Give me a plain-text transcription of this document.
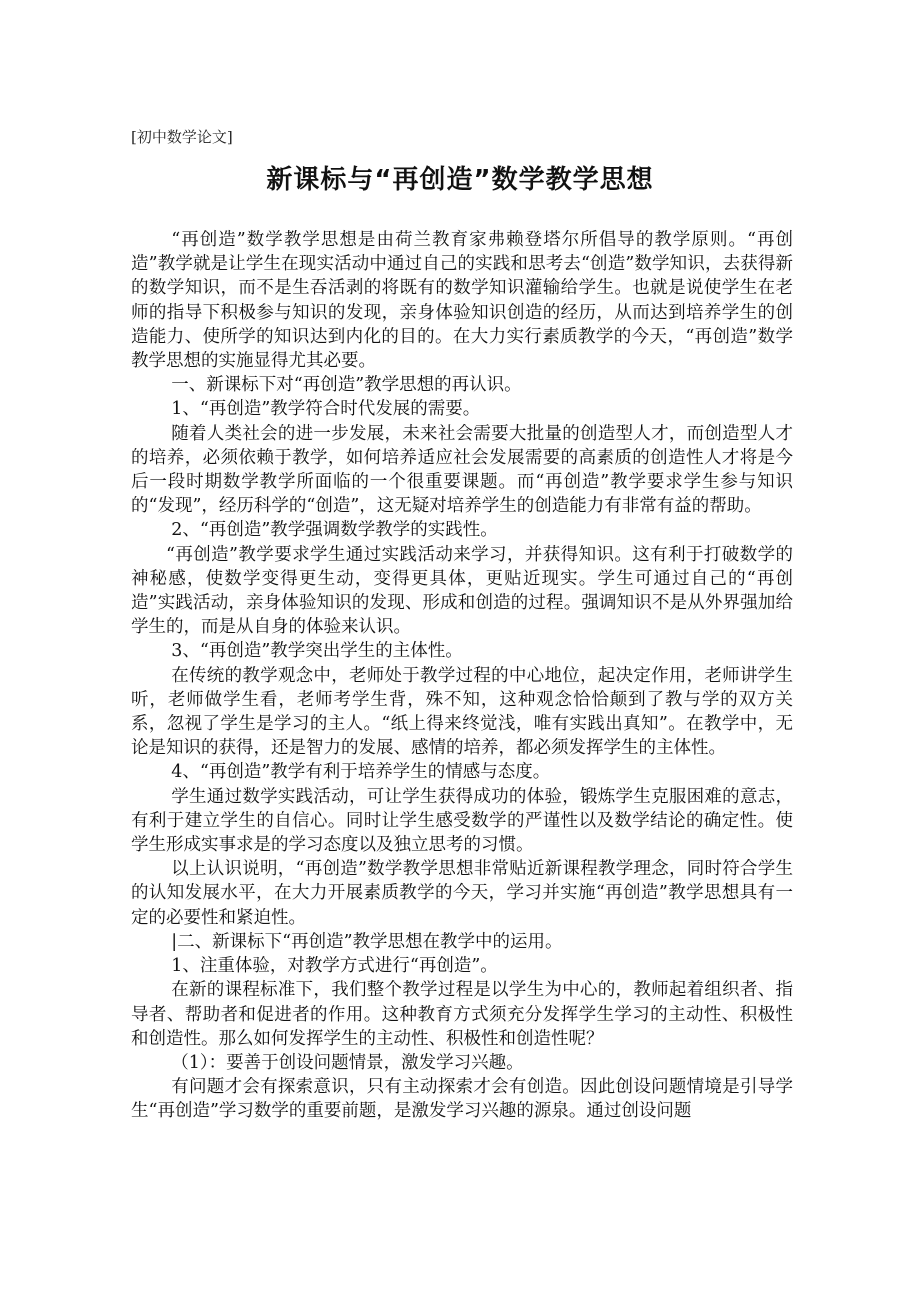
[初中数学论文]
新课标与“再创造”数学教学思想

“再创造”数学教学思想是由荷兰教育家弗赖登塔尔所倡导的教学原则。“再创造”教学就是让学生在现实活动中通过自己的实践和思考去“创造”数学知识，去获得新的数学知识，而不是生吞活剥的将既有的数学知识灌输给学生。也就是说使学生在老师的指导下积极参与知识的发现，亲身体验知识创造的经历，从而达到培养学生的创造能力、使所学的知识达到内化的目的。在大力实行素质教学的今天，“再创造”数学教学思想的实施显得尤其必要。

一、新课标下对“再创造”教学思想的再认识。

1、“再创造”教学符合时代发展的需要。

随着人类社会的进一步发展，未来社会需要大批量的创造型人才，而创造型人才的培养，必须依赖于教学，如何培养适应社会发展需要的高素质的创造性人才将是今后一段时期数学教学所面临的一个很重要课题。而“再创造”教学要求学生参与知识的“发现”，经历科学的“创造”，这无疑对培养学生的创造能力有非常有益的帮助。

2、“再创造”教学强调数学教学的实践性。

“再创造”教学要求学生通过实践活动来学习，并获得知识。这有利于打破数学的神秘感，使数学变得更生动，变得更具体，更贴近现实。学生可通过自己的“再创造”实践活动，亲身体验知识的发现、形成和创造的过程。强调知识不是从外界强加给学生的，而是从自身的体验来认识。

3、“再创造”教学突出学生的主体性。

在传统的教学观念中，老师处于教学过程的中心地位，起决定作用，老师讲学生听，老师做学生看，老师考学生背，殊不知，这种观念恰恰颠到了教与学的双方关系，忽视了学生是学习的主人。“纸上得来终觉浅，唯有实践出真知”。在教学中，无论是知识的获得，还是智力的发展、感情的培养，都必须发挥学生的主体性。

4、“再创造”教学有利于培养学生的情感与态度。

学生通过数学实践活动，可让学生获得成功的体验，锻炼学生克服困难的意志，有利于建立学生的自信心。同时让学生感受数学的严谨性以及数学结论的确定性。使学生形成实事求是的学习态度以及独立思考的习惯。

以上认识说明，“再创造”数学教学思想非常贴近新课程教学理念，同时符合学生的认知发展水平，在大力开展素质教学的今天，学习并实施“再创造”教学思想具有一定的必要性和紧迫性。

|二、新课标下“再创造”教学思想在教学中的运用。

1、注重体验，对教学方式进行“再创造”。

在新的课程标准下，我们整个教学过程是以学生为中心的，教师起着组织者、指导者、帮助者和促进者的作用。这种教育方式须充分发挥学生学习的主动性、积极性和创造性。那么如何发挥学生的主动性、积极性和创造性呢？

（1）：要善于创设问题情景，激发学习兴趣。

有问题才会有探索意识，只有主动探索才会有创造。因此创设问题情境是引导学生“再创造”学习数学的重要前题，是激发学习兴趣的源泉。通过创设问题
